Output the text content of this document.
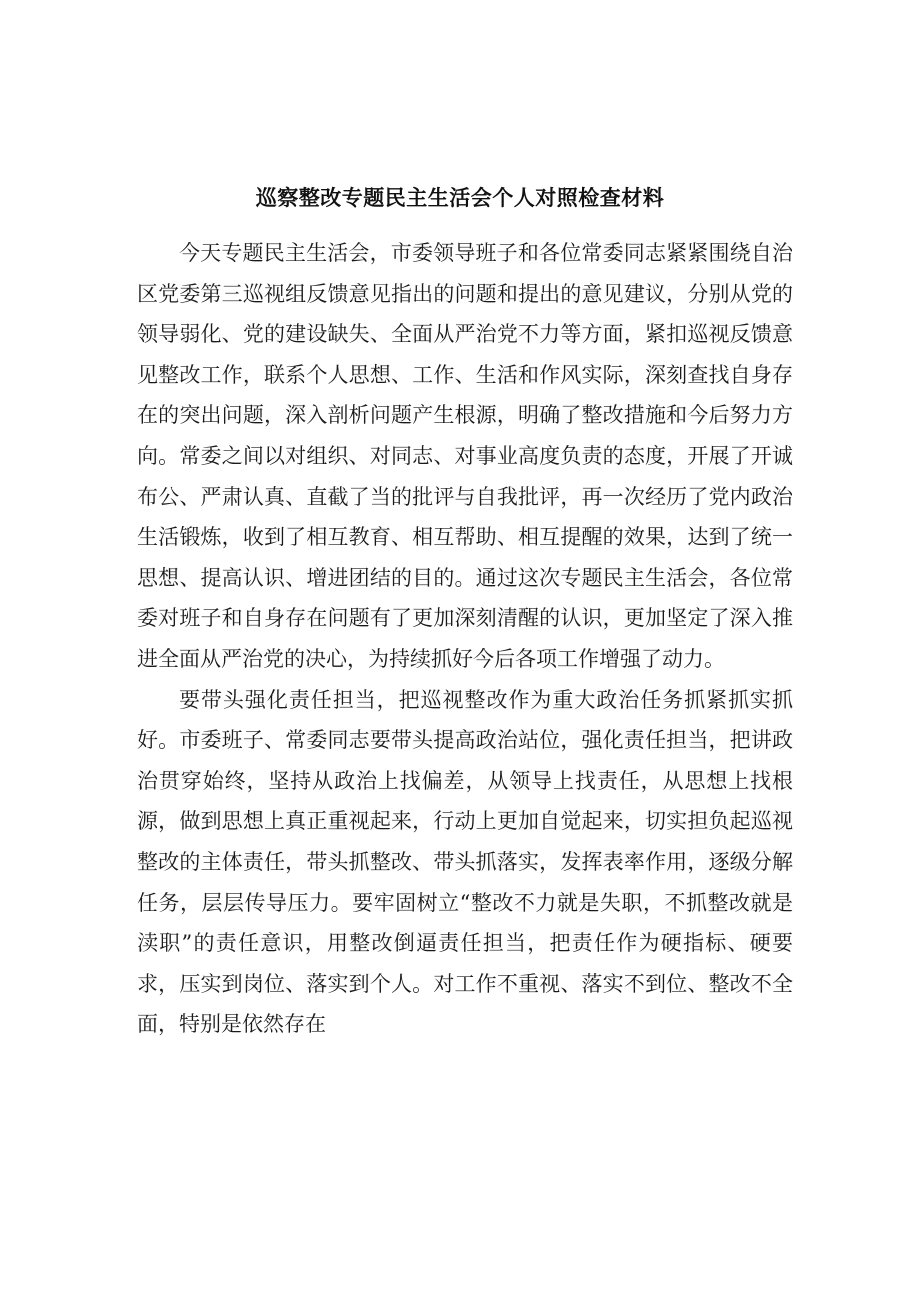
巡察整改专题民主生活会个人对照检查材料

今天专题民主生活会，市委领导班子和各位常委同志紧紧围绕自治区党委第三巡视组反馈意见指出的问题和提出的意见建议，分别从党的领导弱化、党的建设缺失、全面从严治党不力等方面，紧扣巡视反馈意见整改工作，联系个人思想、工作、生活和作风实际，深刻查找自身存在的突出问题，深入剖析问题产生根源，明确了整改措施和今后努力方向。常委之间以对组织、对同志、对事业高度负责的态度，开展了开诚布公、严肃认真、直截了当的批评与自我批评，再一次经历了党内政治生活锻炼，收到了相互教育、相互帮助、相互提醒的效果，达到了统一思想、提高认识、增进团结的目的。通过这次专题民主生活会，各位常委对班子和自身存在问题有了更加深刻清醒的认识，更加坚定了深入推进全面从严治党的决心，为持续抓好今后各项工作增强了动力。

要带头强化责任担当，把巡视整改作为重大政治任务抓紧抓实抓好。市委班子、常委同志要带头提高政治站位，强化责任担当，把讲政治贯穿始终，坚持从政治上找偏差，从领导上找责任，从思想上找根源，做到思想上真正重视起来，行动上更加自觉起来，切实担负起巡视整改的主体责任，带头抓整改、带头抓落实，发挥表率作用，逐级分解任务，层层传导压力。要牢固树立“整改不力就是失职，不抓整改就是渎职”的责任意识，用整改倒逼责任担当，把责任作为硬指标、硬要求，压实到岗位、落实到个人。对工作不重视、落实不到位、整改不全面，特别是依然存在
